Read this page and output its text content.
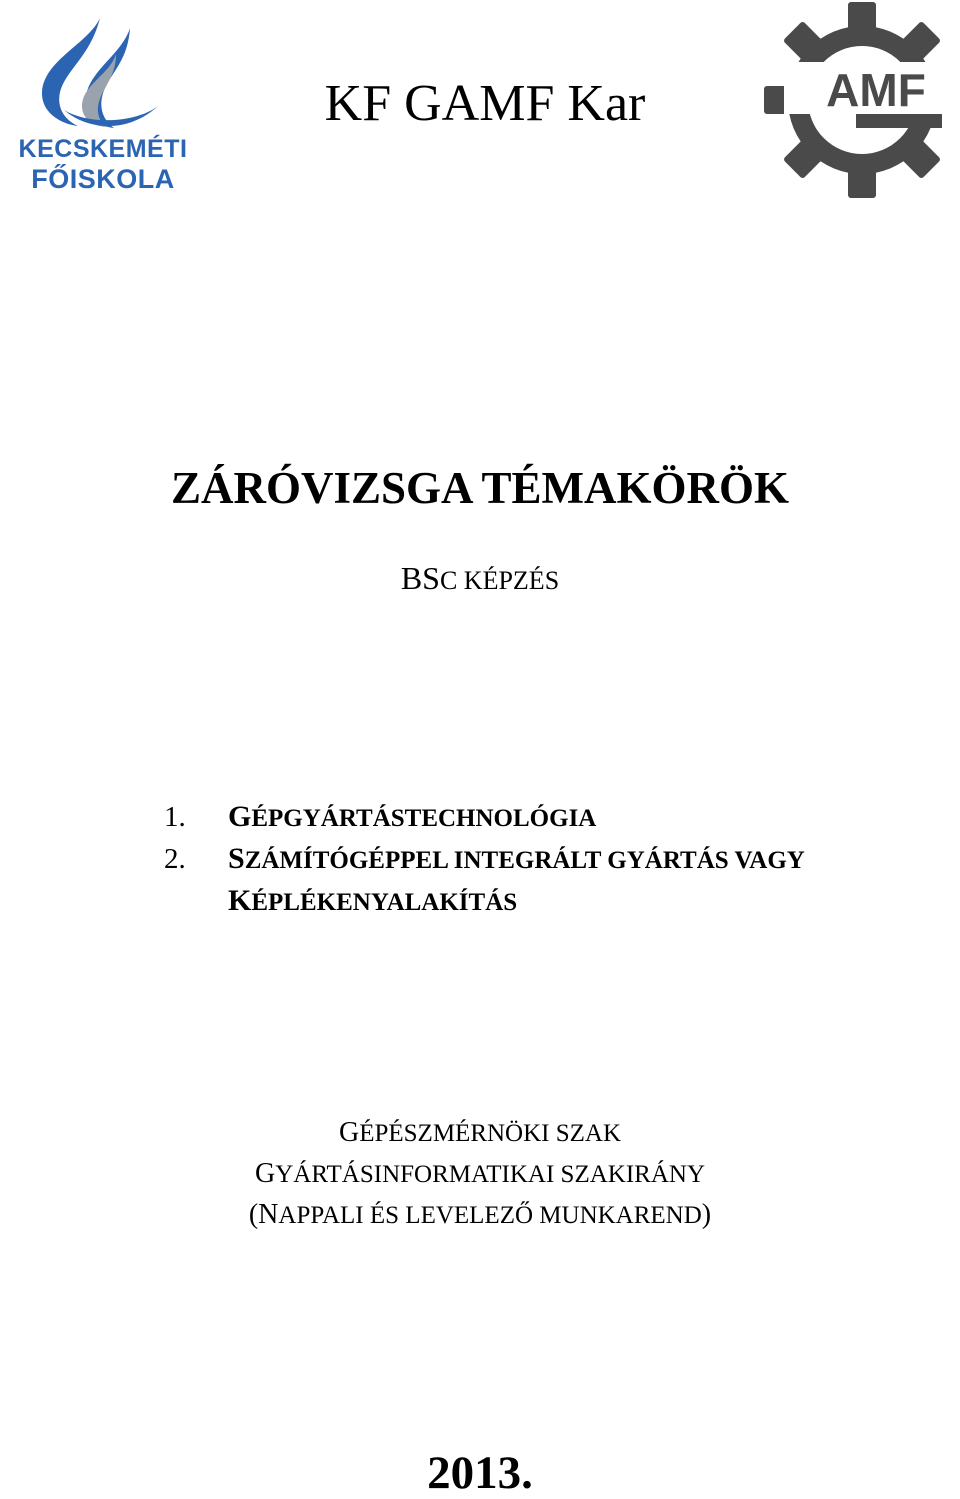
KECSKEMÉTI
FŐISKOLA
AMF
KF GAMF Kar
ZÁRÓVIZSGA TÉMAKÖRÖK
BSC KÉPZÉS
1. GÉPGYÁRTÁSTECHNOLÓGIA
2. SZÁMÍTÓGÉPPEL INTEGRÁLT GYÁRTÁS VAGY
KÉPLÉKENYALAKÍTÁS
GÉPÉSZMÉRNÖKI SZAK
GYÁRTÁSINFORMATIKAI SZAKIRÁNY
(NAPPALI ÉS LEVELEZŐ MUNKAREND)
2013.
